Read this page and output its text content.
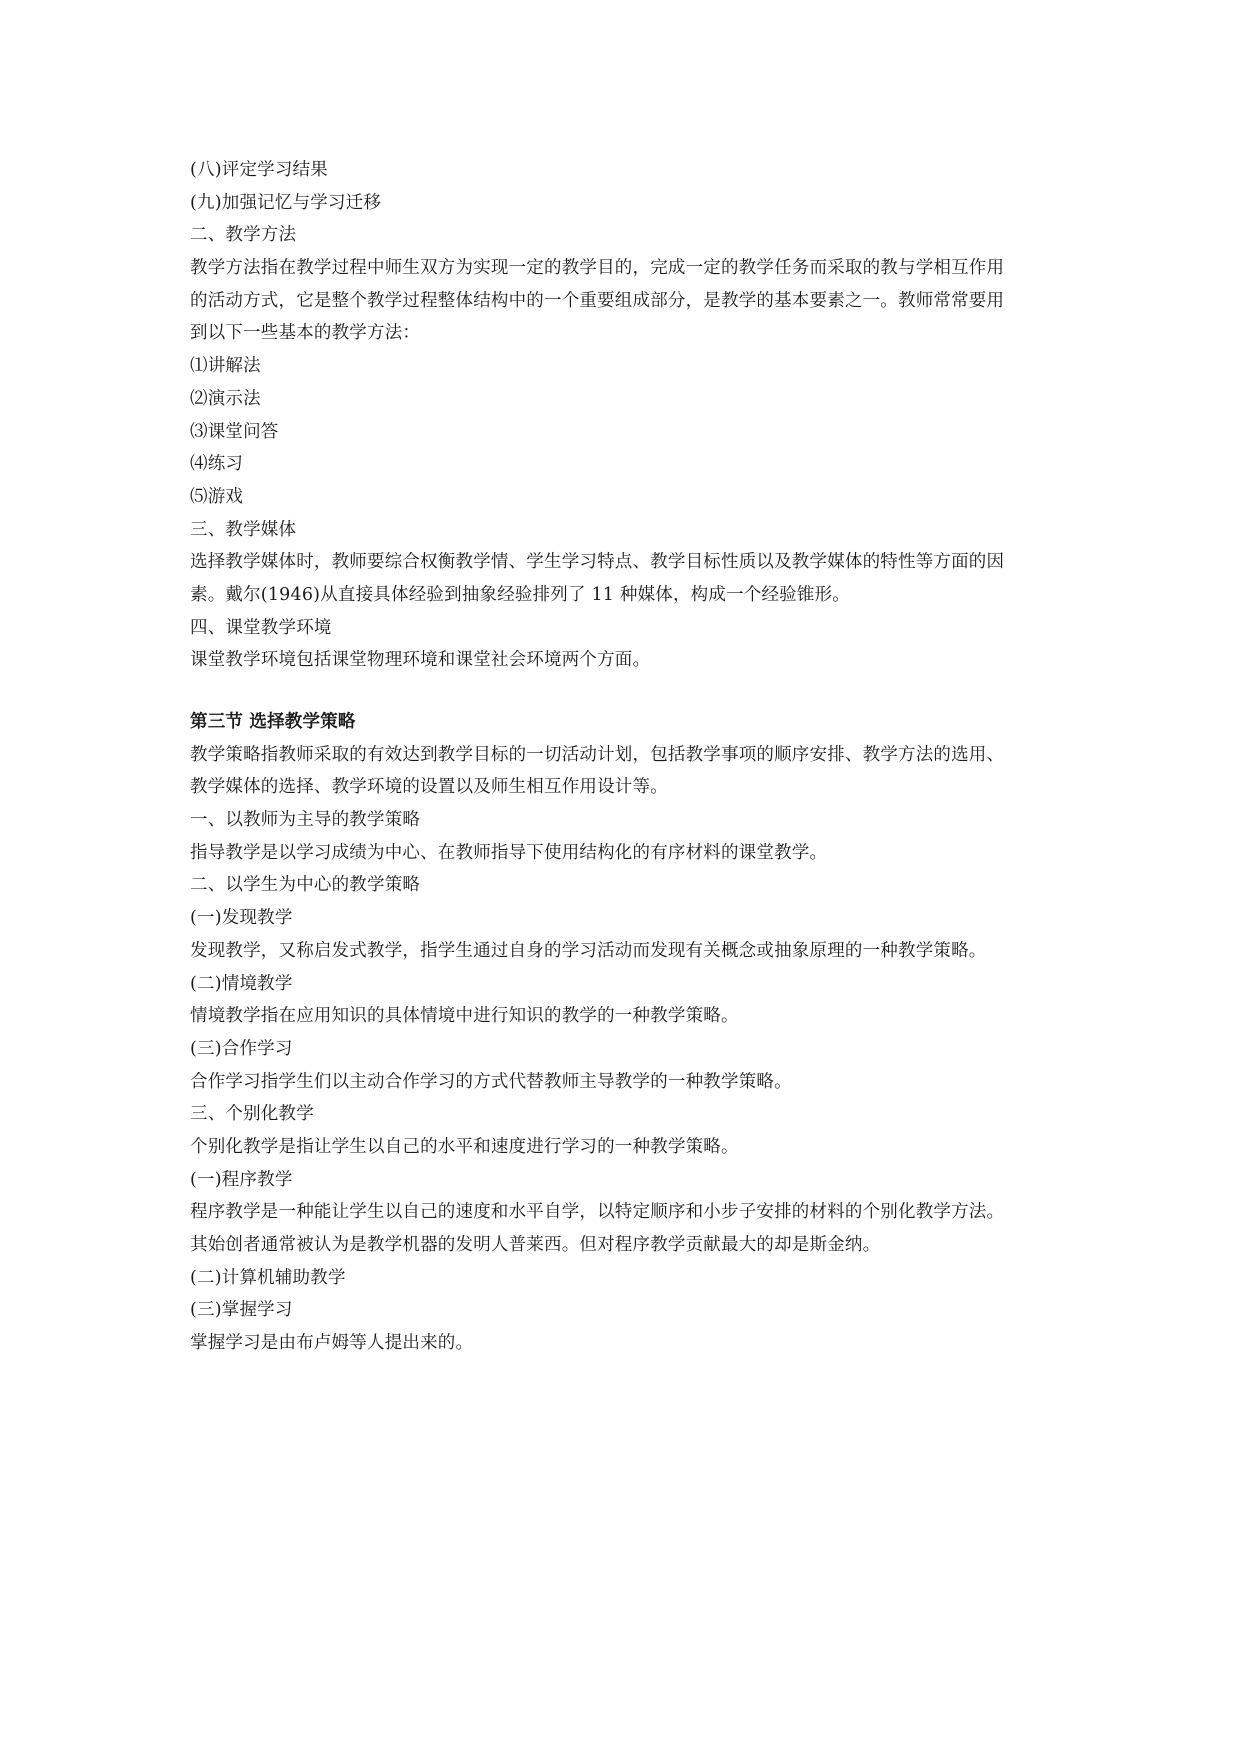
(八)评定学习结果
(九)加强记忆与学习迁移
二、教学方法
教学方法指在教学过程中师生双方为实现一定的教学目的，完成一定的教学任务而采取的教与学相互作用
的活动方式，它是整个教学过程整体结构中的一个重要组成部分，是教学的基本要素之一。教师常常要用
到以下一些基本的教学方法：
⑴讲解法
⑵演示法
⑶课堂问答
⑷练习
⑸游戏
三、教学媒体
选择教学媒体时，教师要综合权衡教学情、学生学习特点、教学目标性质以及教学媒体的特性等方面的因
素。戴尔(1946)从直接具体经验到抽象经验排列了 11 种媒体，构成一个经验锥形。
四、课堂教学环境
课堂教学环境包括课堂物理环境和课堂社会环境两个方面。
第三节 选择教学策略
教学策略指教师采取的有效达到教学目标的一切活动计划，包括教学事项的顺序安排、教学方法的选用、
教学媒体的选择、教学环境的设置以及师生相互作用设计等。
一、以教师为主导的教学策略
指导教学是以学习成绩为中心、在教师指导下使用结构化的有序材料的课堂教学。
二、以学生为中心的教学策略
(一)发现教学
发现教学，又称启发式教学，指学生通过自身的学习活动而发现有关概念或抽象原理的一种教学策略。
(二)情境教学
情境教学指在应用知识的具体情境中进行知识的教学的一种教学策略。
(三)合作学习
合作学习指学生们以主动合作学习的方式代替教师主导教学的一种教学策略。
三、个别化教学
个别化教学是指让学生以自己的水平和速度进行学习的一种教学策略。
(一)程序教学
程序教学是一种能让学生以自己的速度和水平自学，以特定顺序和小步子安排的材料的个别化教学方法。
其始创者通常被认为是教学机器的发明人普莱西。但对程序教学贡献最大的却是斯金纳。
(二)计算机辅助教学
(三)掌握学习
掌握学习是由布卢姆等人提出来的。
